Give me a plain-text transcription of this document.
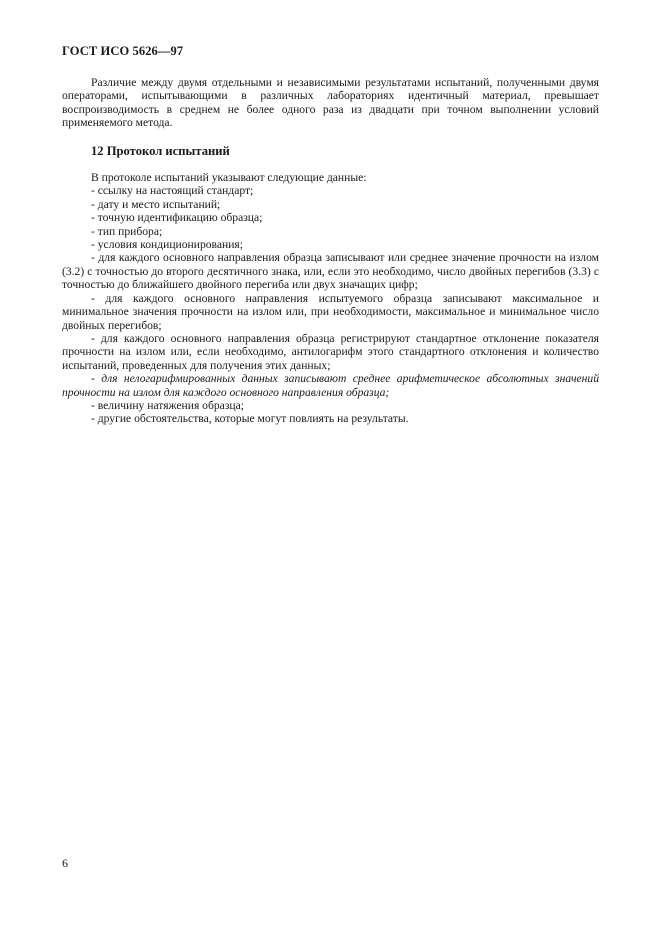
ГОСТ ИСО 5626—97

Различие между двумя отдельными и независимыми результатами испытаний, полученными двумя операторами, испытывающими в различных лабораториях идентичный материал, превышает воспроизводимость в среднем не более одного раза из двадцати при точном выполнении условий применяемого метода.

12 Протокол испытаний

В протоколе испытаний указывают следующие данные:

- ссылку на настоящий стандарт;

- дату и место испытаний;

- точную идентификацию образца;

- тип прибора;

- условия кондиционирования;

- для каждого основного направления образца записывают или среднее значение прочности на излом (3.2) с точностью до второго десятичного знака, или, если это необходимо, число двойных перегибов (3.3) с точностью до ближайшего двойного перегиба или двух значащих цифр;

- для каждого основного направления испытуемого образца записывают максимальное и минимальное значения прочности на излом или, при необходимости, максимальное и минимальное число двойных перегибов;

- для каждого основного направления образца регистрируют стандартное отклонение показателя прочности на излом или, если необходимо, антилогарифм этого стандартного отклонения и количество испытаний, проведенных для получения этих данных;

- для нелогарифмированных данных записывают среднее арифметическое абсолютных значений прочности на излом для каждого основного направления образца;

- величину натяжения образца;

- другие обстоятельства, которые могут повлиять на результаты.

6
